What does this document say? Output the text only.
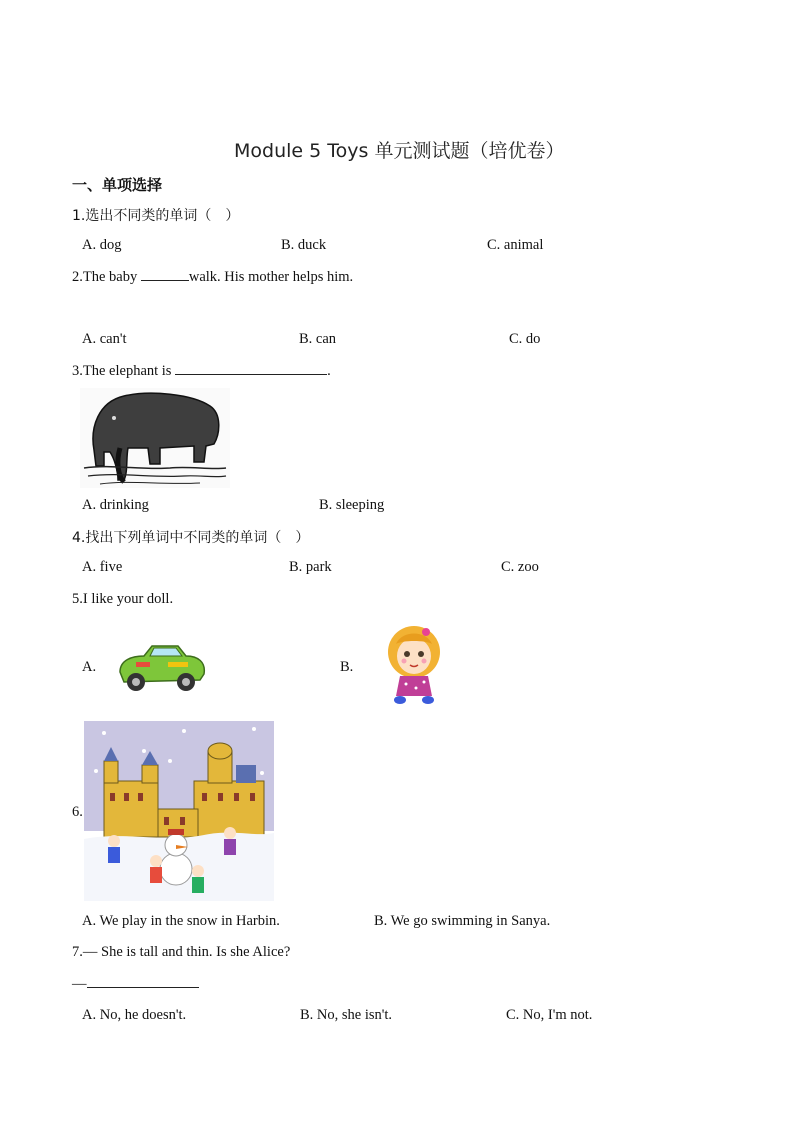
Module 5 Toys 单元测试题（培优卷）
一、单项选择
1.选出不同类的单词（　）
A. dog	B. duck	C. animal
2.The baby	walk. His mother helps him.
A. can't	B. can	C. do
3.The elephant is	.
A. drinking	B. sleeping
4.找出下列单词中不同类的单词（　）
A. five	B. park	C. zoo
5.I like your doll.
A.	B.
6.
A. We play in the snow in Harbin.	B. We go swimming in Sanya.
7.— She is tall and thin. Is she Alice?
—
A. No, he doesn't.	B. No, she isn't.	C. No, I'm not.
